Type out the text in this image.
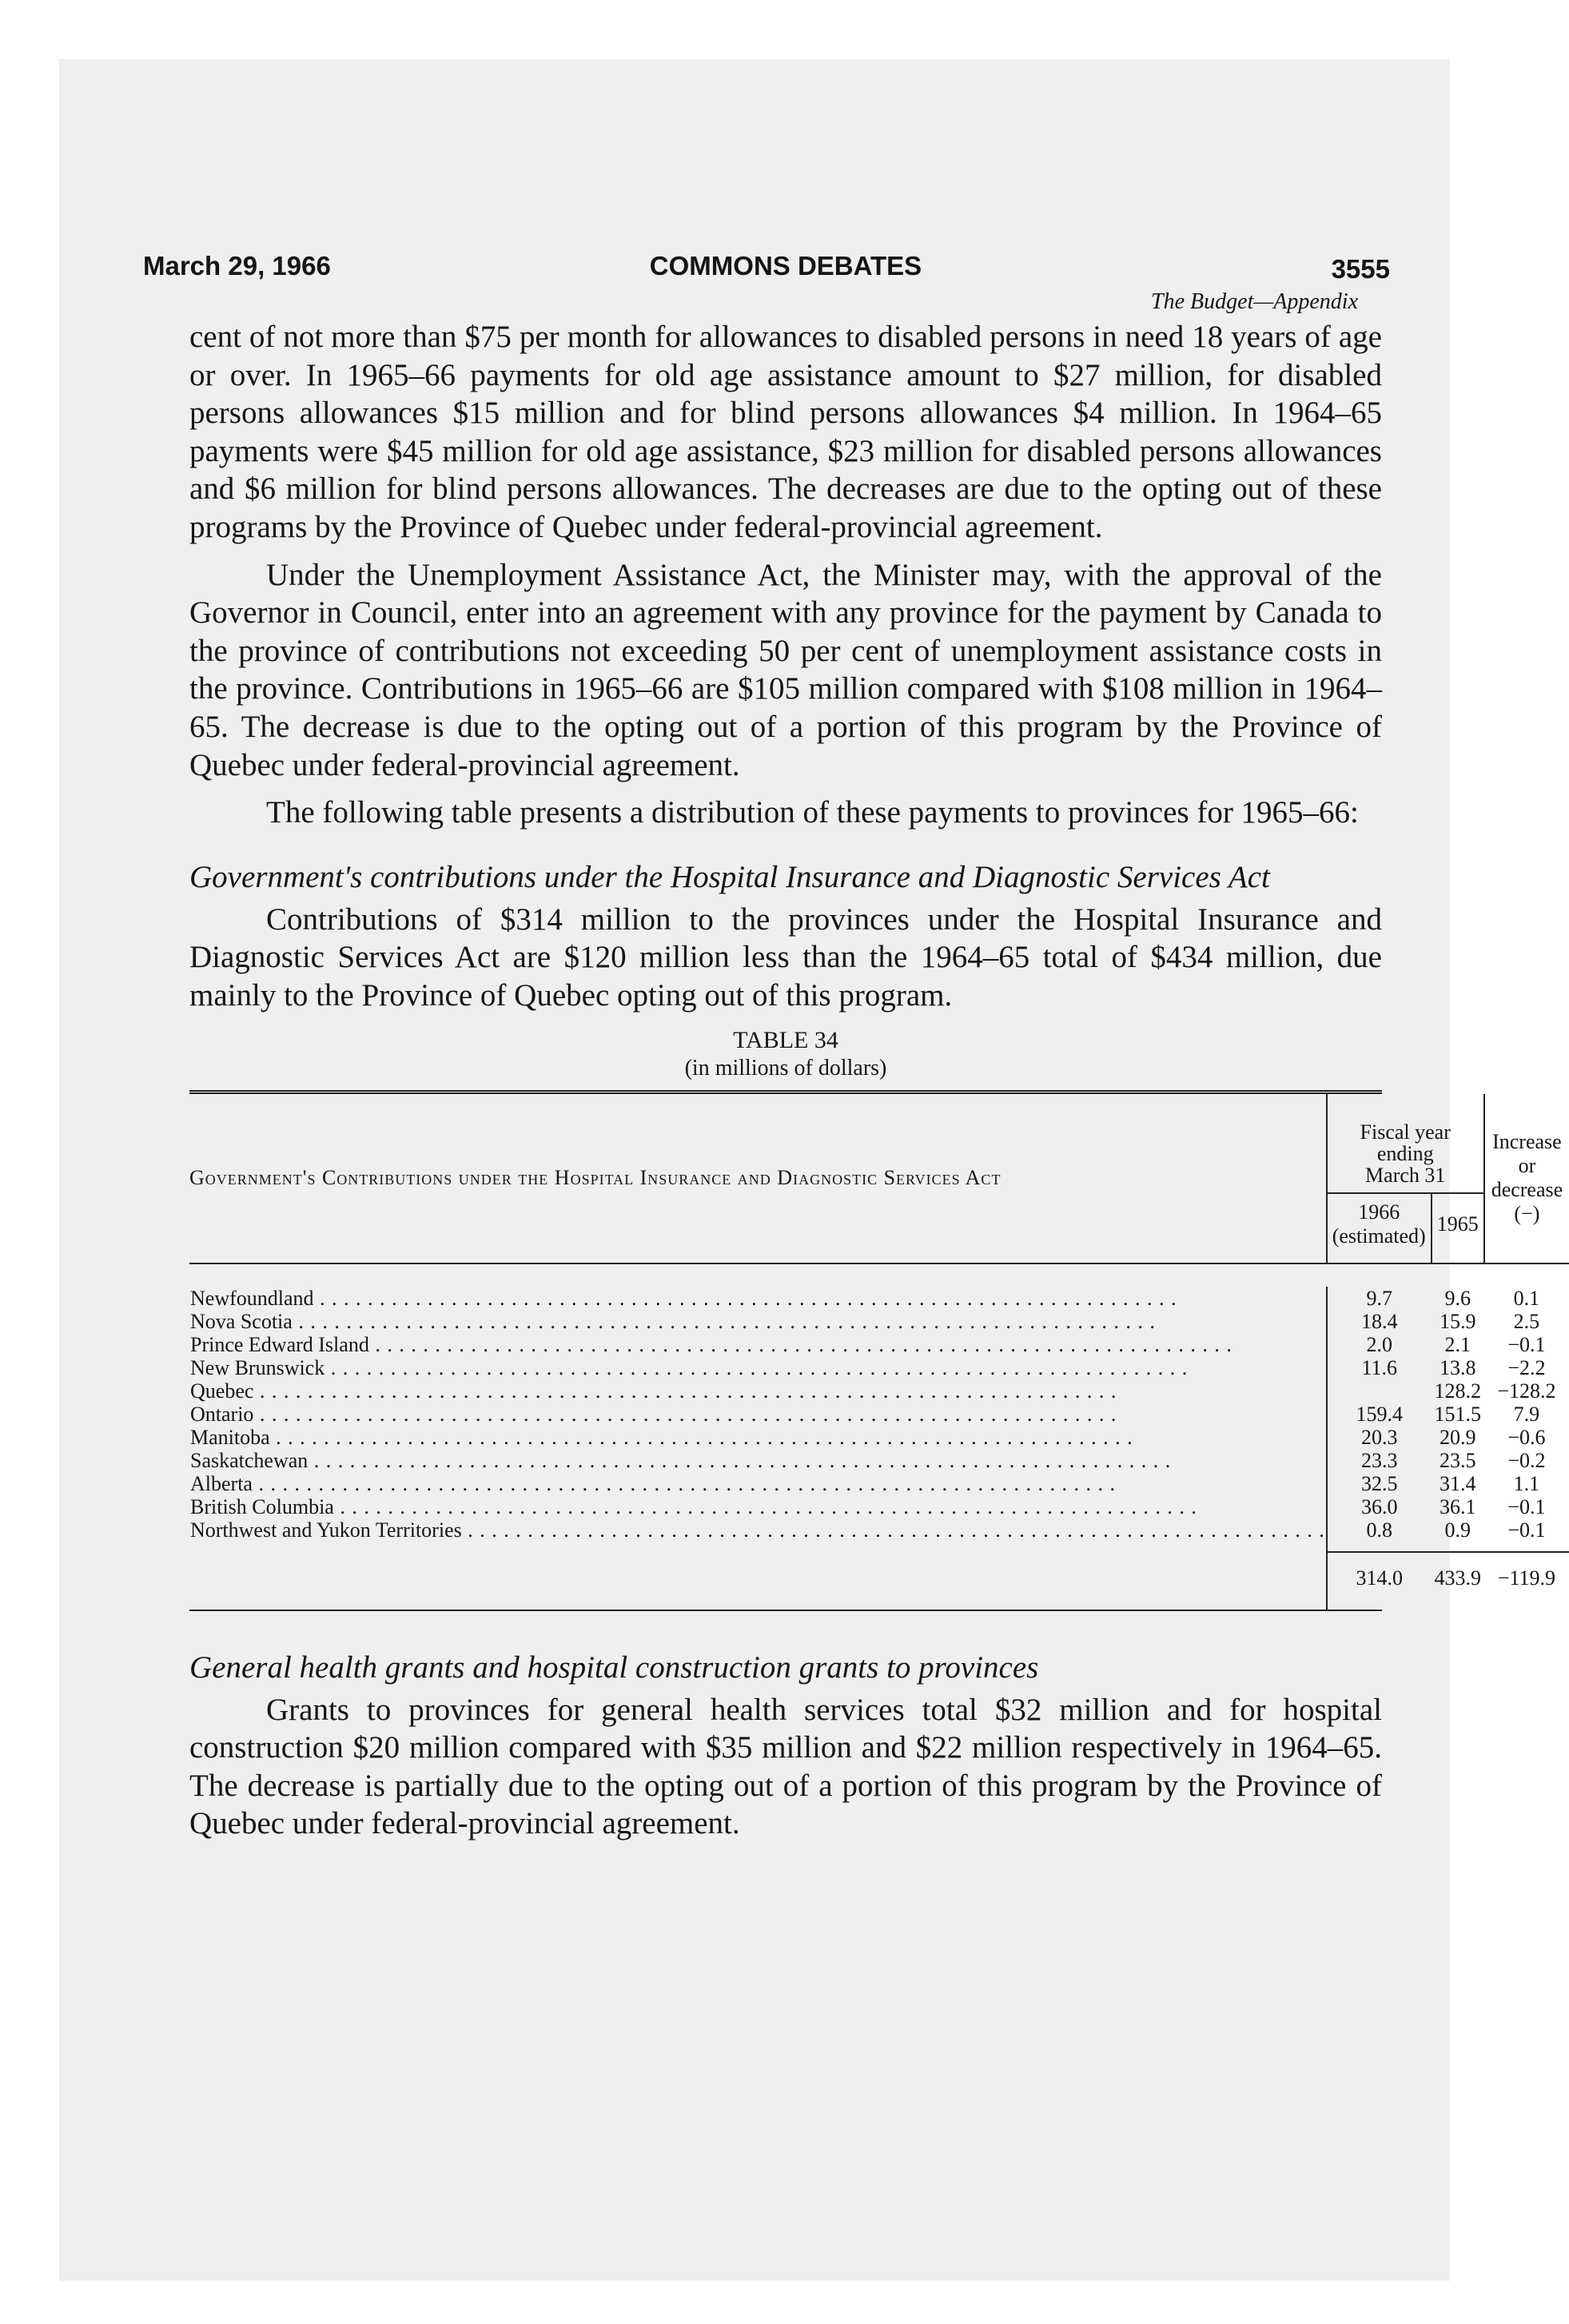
March 29, 1966	COMMONS DEBATES	3555
The Budget—Appendix

cent of not more than $75 per month for allowances to disabled persons in need 18 years of age or over. In 1965–66 payments for old age assistance amount to $27 million, for disabled persons allowances $15 million and for blind persons allowances $4 million. In 1964–65 payments were $45 million for old age assistance, $23 million for disabled persons allowances and $6 million for blind persons allowances. The decreases are due to the opting out of these programs by the Province of Quebec under federal-provincial agreement.

Under the Unemployment Assistance Act, the Minister may, with the approval of the Governor in Council, enter into an agreement with any province for the payment by Canada to the province of contributions not exceeding 50 per cent of unemployment assistance costs in the province. Contributions in 1965–66 are $105 million compared with $108 million in 1964–65. The decrease is due to the opting out of a portion of this program by the Province of Quebec under federal-provincial agreement.

The following table presents a distribution of these payments to provinces for 1965–66:

Government's contributions under the Hospital Insurance and Diagnostic Services Act

Contributions of $314 million to the provinces under the Hospital Insurance and Diagnostic Services Act are $120 million less than the 1964–65 total of $434 million, due mainly to the Province of Quebec opting out of this program.

TABLE 34
(in millions of dollars)
Government's Contributions under the Hospital Insurance and Diagnostic Services Act	Fiscal year ending March 31		Increase or decrease (−)
	1966 (estimated)	1965	

Newfoundland . . .	9.7	9.6	0.1
Nova Scotia . . .	18.4	15.9	2.5
Prince Edward Island . . .	2.0	2.1	−0.1
New Brunswick . . .	11.6	13.8	−2.2
Quebec . . .		128.2	−128.2
Ontario . . .	159.4	151.5	7.9
Manitoba . . .	20.3	20.9	−0.6
Saskatchewan . . .	23.3	23.5	−0.2
Alberta . . .	32.5	31.4	1.1
British Columbia . . .	36.0	36.1	−0.1
Northwest and Yukon Territories . . .	0.8	0.9	−0.1

	314.0	433.9	−119.9
General health grants and hospital construction grants to provinces

Grants to provinces for general health services total $32 million and for hospital construction $20 million compared with $35 million and $22 million respectively in 1964–65. The decrease is partially due to the opting out of a portion of this program by the Province of Quebec under federal-provincial agreement.
